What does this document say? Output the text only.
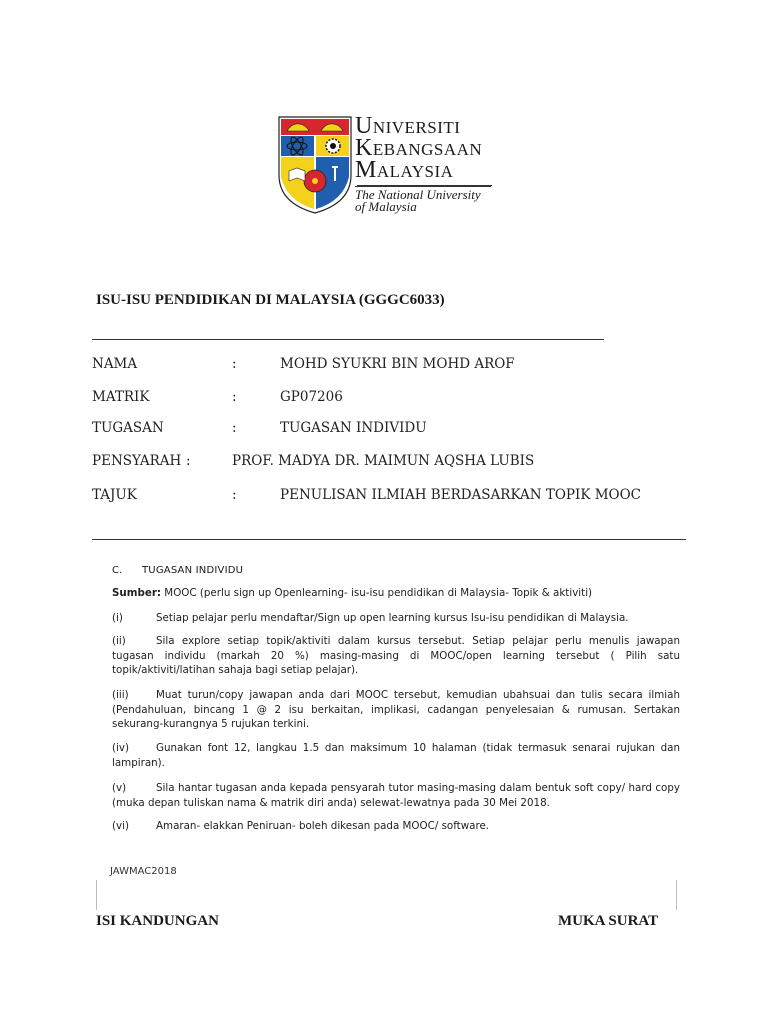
UNIVERSITI
KEBANGSAAN
MALAYSIA
The National University
of Malaysia
ISU-ISU PENDIDIKAN DI MALAYSIA (GGGC6033)
NAMA	:	MOHD SYUKRI BIN MOHD AROF
MATRIK	:	GP07206
TUGASAN	:	TUGASAN INDIVIDU
PENSYARAH :	PROF. MADYA DR. MAIMUN AQSHA LUBIS
TAJUK	:	PENULISAN ILMIAH BERDASARKAN TOPIK MOOC
C. TUGASAN INDIVIDU
Sumber: MOOC (perlu sign up Openlearning- isu-isu pendidikan di Malaysia- Topik & aktiviti)
(i)	Setiap pelajar perlu mendaftar/Sign up open learning kursus Isu-isu pendidikan di Malaysia.
(ii)	Sila explore setiap topik/aktiviti dalam kursus tersebut. Setiap pelajar perlu menulis jawapan tugasan individu (markah 20 %) masing-masing di MOOC/open learning tersebut ( Pilih satu topik/aktiviti/latihan sahaja bagi setiap pelajar).
(iii)	Muat turun/copy jawapan anda dari MOOC tersebut, kemudian ubahsuai dan tulis secara ilmiah (Pendahuluan, bincang 1 @ 2 isu berkaitan, implikasi, cadangan penyelesaian & rumusan. Sertakan sekurang-kurangnya 5 rujukan terkini.
(iv)	Gunakan font 12, langkau 1.5 dan maksimum 10 halaman (tidak termasuk senarai rujukan dan lampiran).
(v)	Sila hantar tugasan anda kepada pensyarah tutor masing-masing dalam bentuk soft copy/ hard copy (muka depan tuliskan nama & matrik diri anda) selewat-lewatnya pada 30 Mei 2018.
(vi)	Amaran- elakkan Peniruan- boleh dikesan pada MOOC/ software.
JAWMAC2018
ISI KANDUNGAN	MUKA SURAT
